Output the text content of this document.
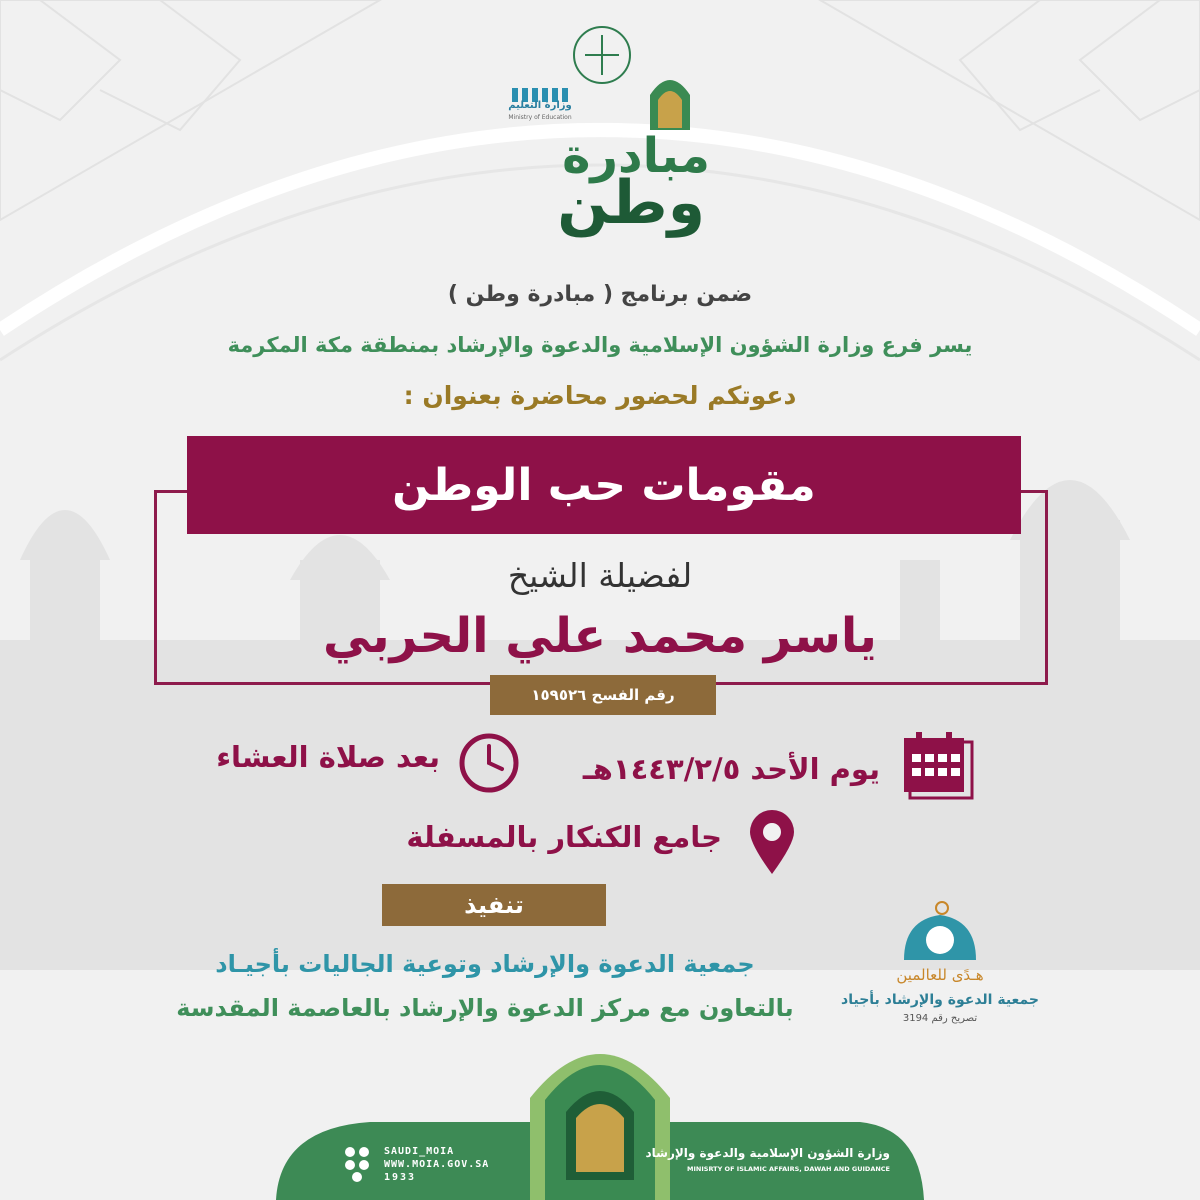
وزارة التعليم
Ministry of Education
مبادرة
وطن
ضمن برنامج ( مبادرة وطن )
يسر فرع وزارة الشؤون الإسلامية والدعوة والإرشاد بمنطقة مكة المكرمة
دعوتكم لحضور محاضرة بعنوان :
مقومات حب الوطن
لفضيلة الشيخ
ياسر محمد علي الحربي
رقم الفسح ١٥٩٥٢٦
يوم الأحد ١٤٤٣/٢/٥هـ
بعد صلاة العشاء
جامع الكنكار بالمسفلة
تنفيذ
جمعية الدعوة والإرشاد وتوعية الجاليات بأجيـاد
بالتعاون مع مركز الدعوة والإرشاد بالعاصمة المقدسة
هـدًى للعالمين
جمعية الدعوة والإرشاد بأجياد
تصريح رقم 3194
وزارة الشؤون الإسلامية والدعوة والإرشاد
MINISRTY OF ISLAMIC AFFAIRS, DAWAH AND GUIDANCE
SAUDI_MOIA
WWW.MOIA.GOV.SA
1933
